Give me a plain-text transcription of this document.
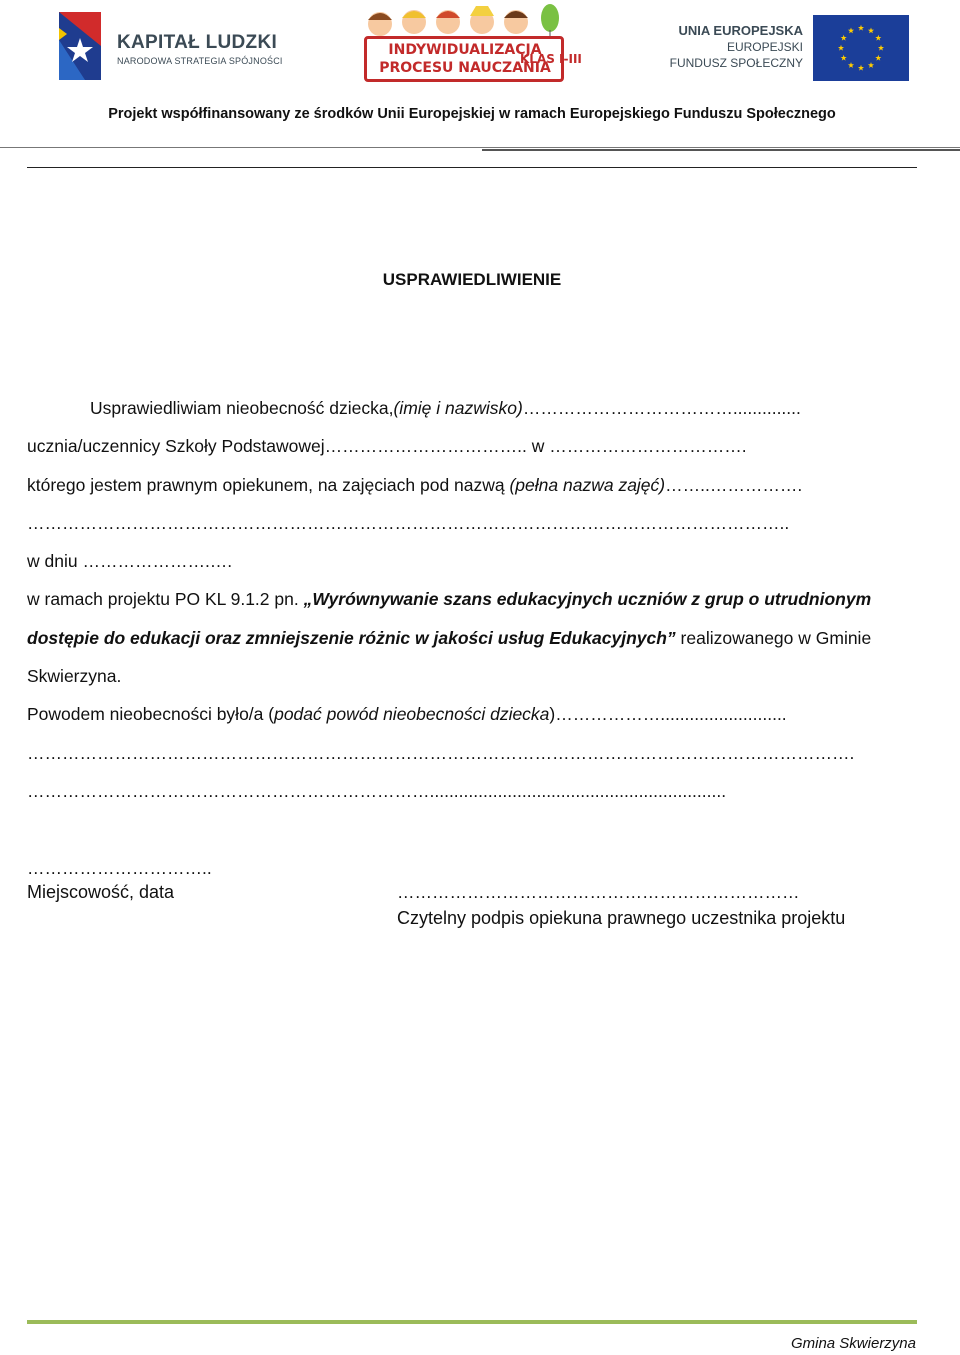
KAPITAŁ LUDZKI
NARODOWA STRATEGIA SPÓJNOŚCI
INDYWIDUALIZACJA
PROCESU NAUCZANIA
KLAS I-III
UNIA EUROPEJSKA
EUROPEJSKI
FUNDUSZ SPOŁECZNY
Projekt współfinansowany ze środków Unii Europejskiej w ramach Europejskiego Funduszu Społecznego
USPRAWIEDLIWIENIE
Usprawiedliwiam nieobecność dziecka,(imię i nazwisko)………………………………..............
ucznia/uczennicy Szkoły Podstawowej…………………………….. w …………………………….
którego jestem prawnym opiekunem, na zajęciach pod nazwą (pełna nazwa zajęć)……..…………….
…………………………………………………………………………………………………………………..
w dniu ………………….….
w ramach projektu PO KL 9.1.2 pn. „Wyrównywanie szans edukacyjnych uczniów z grup o utrudnionym
dostępie do edukacji oraz zmniejszenie różnic w jakości usług Edukacyjnych” realizowanego w Gminie
Skwierzyna.
Powodem nieobecności było/a (podać powód nieobecności dziecka)………………..........................
…………………………………………………………………………………………………………………………….
…………………………………………………………….............................................................
…………………………..
Miejscowość, data	……………………………………………………………
Czytelny podpis opiekuna prawnego uczestnika projektu
Gmina Skwierzyna
